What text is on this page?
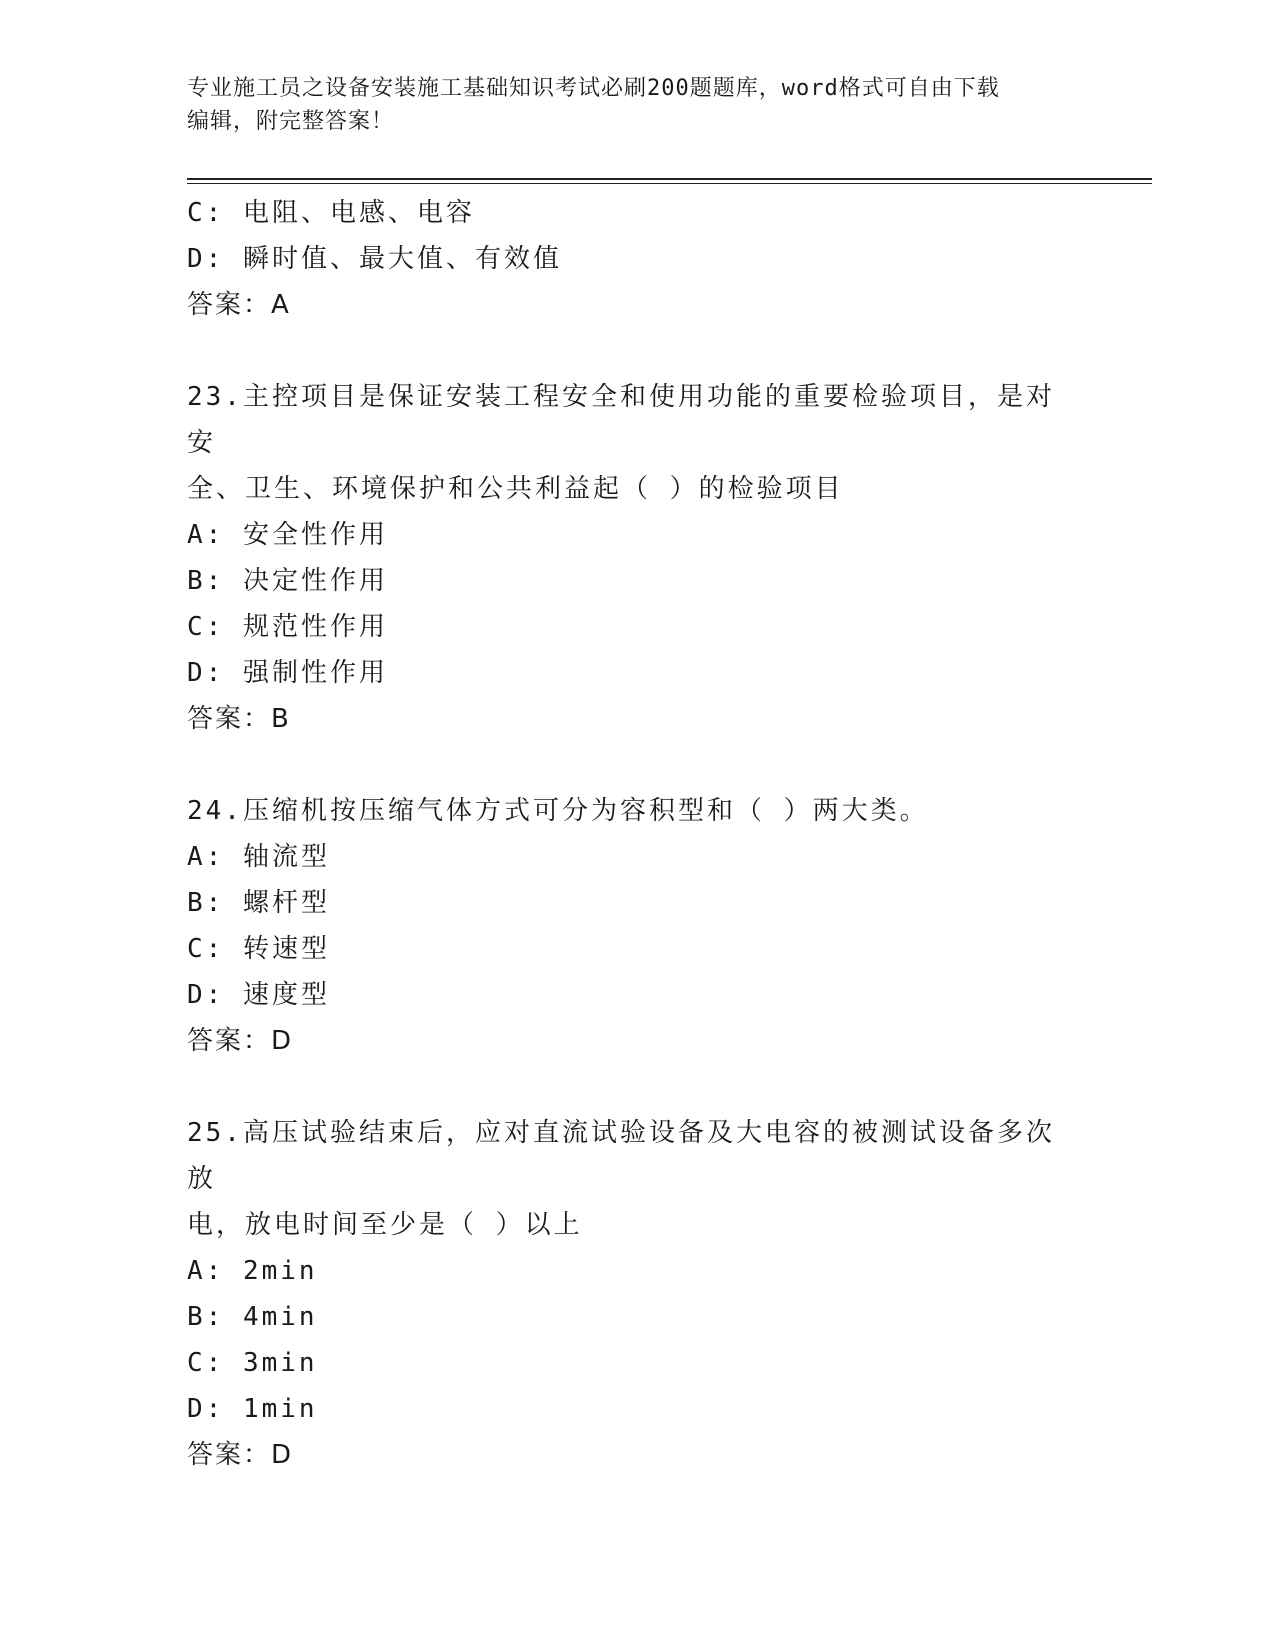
专业施工员之设备安装施工基础知识考试必刷200题题库，word格式可自由下载
编辑，附完整答案！
C: 电阻、电感、电容
D: 瞬时值、最大值、有效值
答案：A
23.主控项目是保证安装工程安全和使用功能的重要检验项目，是对安
全、卫生、环境保护和公共利益起（ ）的检验项目
A: 安全性作用
B: 决定性作用
C: 规范性作用
D: 强制性作用
答案：B
24.压缩机按压缩气体方式可分为容积型和（ ）两大类。
A: 轴流型
B: 螺杆型
C: 转速型
D: 速度型
答案：D
25.高压试验结束后，应对直流试验设备及大电容的被测试设备多次放
电，放电时间至少是（ ）以上
A: 2min
B: 4min
C: 3min
D: 1min
答案：D
